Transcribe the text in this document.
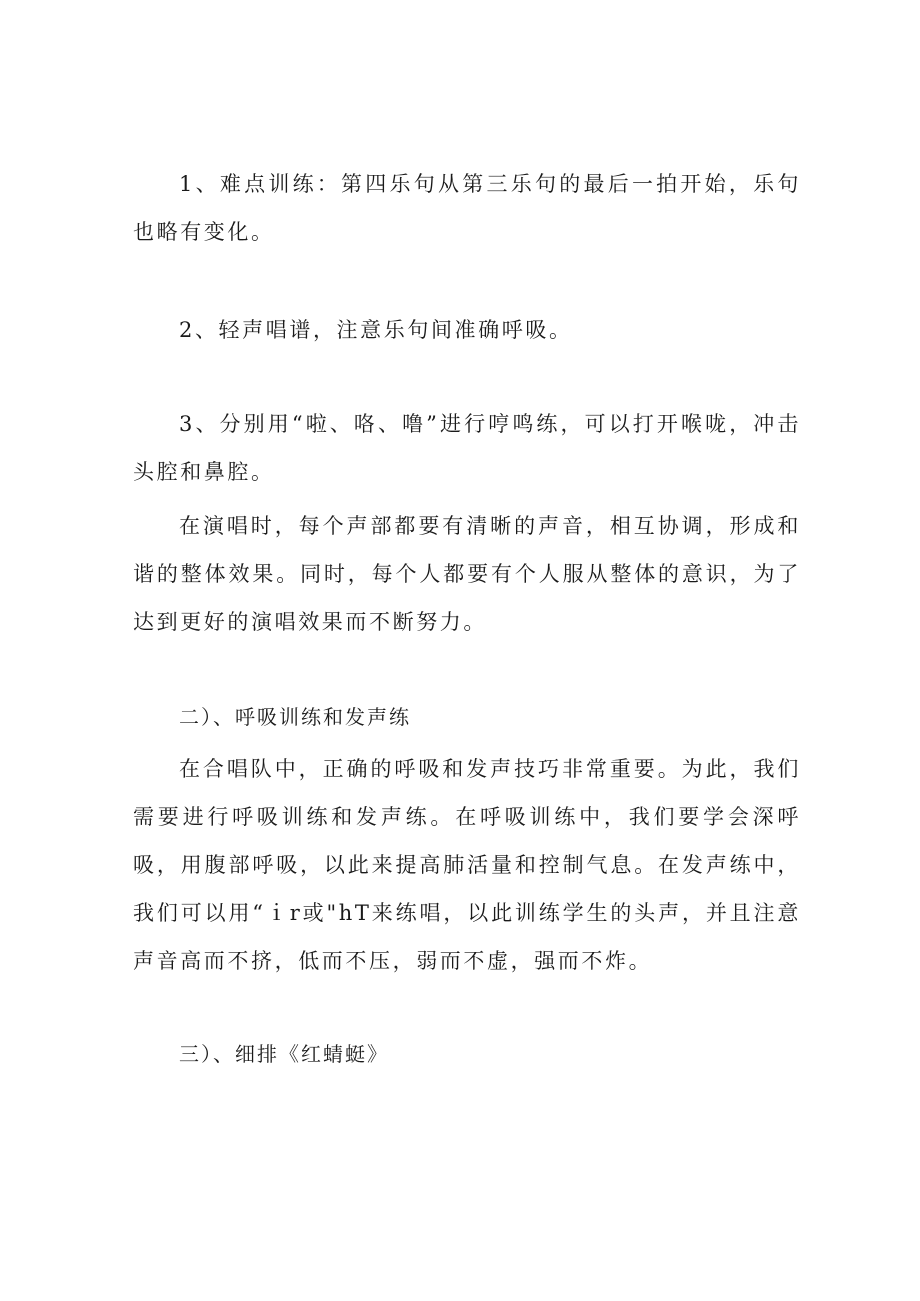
1、难点训练：第四乐句从第三乐句的最后一拍开始，乐句也略有变化。

2、轻声唱谱，注意乐句间准确呼吸。

3、分别用“啦、咯、噜”进行哼鸣练，可以打开喉咙，冲击头腔和鼻腔。

在演唱时，每个声部都要有清晰的声音，相互协调，形成和谐的整体效果。同时，每个人都要有个人服从整体的意识，为了达到更好的演唱效果而不断努力。

二）、呼吸训练和发声练

在合唱队中，正确的呼吸和发声技巧非常重要。为此，我们需要进行呼吸训练和发声练。在呼吸训练中，我们要学会深呼吸，用腹部呼吸，以此来提高肺活量和控制气息。在发声练中，我们可以用“ｉr或"hT来练唱，以此训练学生的头声，并且注意声音高而不挤，低而不压，弱而不虚，强而不炸。

三）、细排《红蜻蜓》
